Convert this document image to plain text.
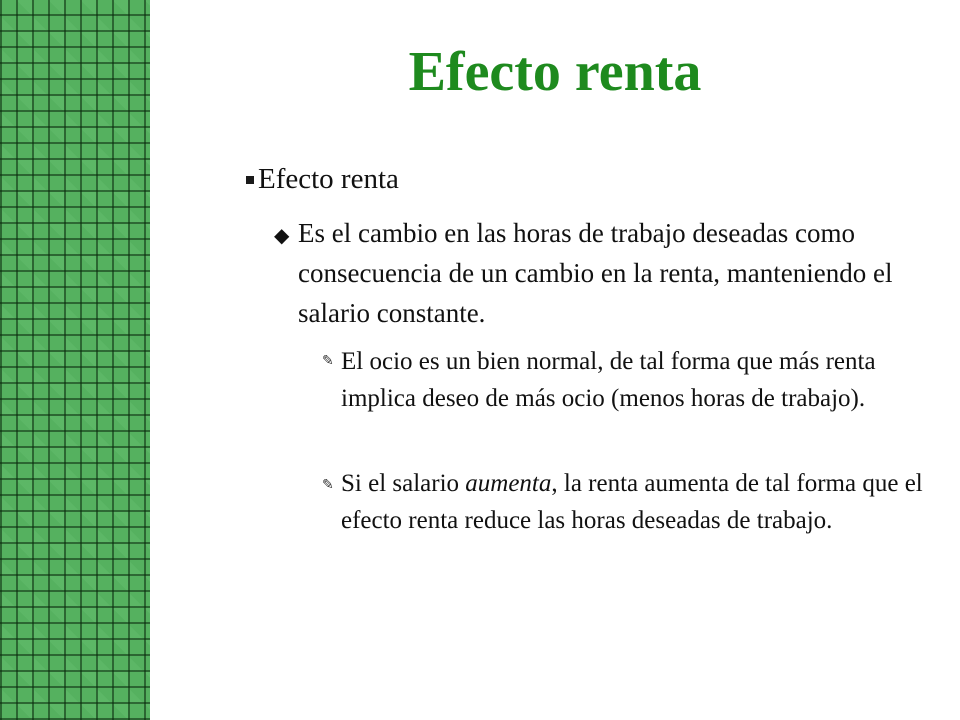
Efecto renta
Efecto renta
◆ Es el cambio en las horas de trabajo deseadas como consecuencia de un cambio en la renta, manteniendo el salario constante.
✎ El ocio es un bien normal, de tal forma que más renta implica deseo de más ocio (menos horas de trabajo).
✎ Si el salario aumenta, la renta aumenta de tal forma que el efecto renta reduce las horas deseadas de trabajo.
